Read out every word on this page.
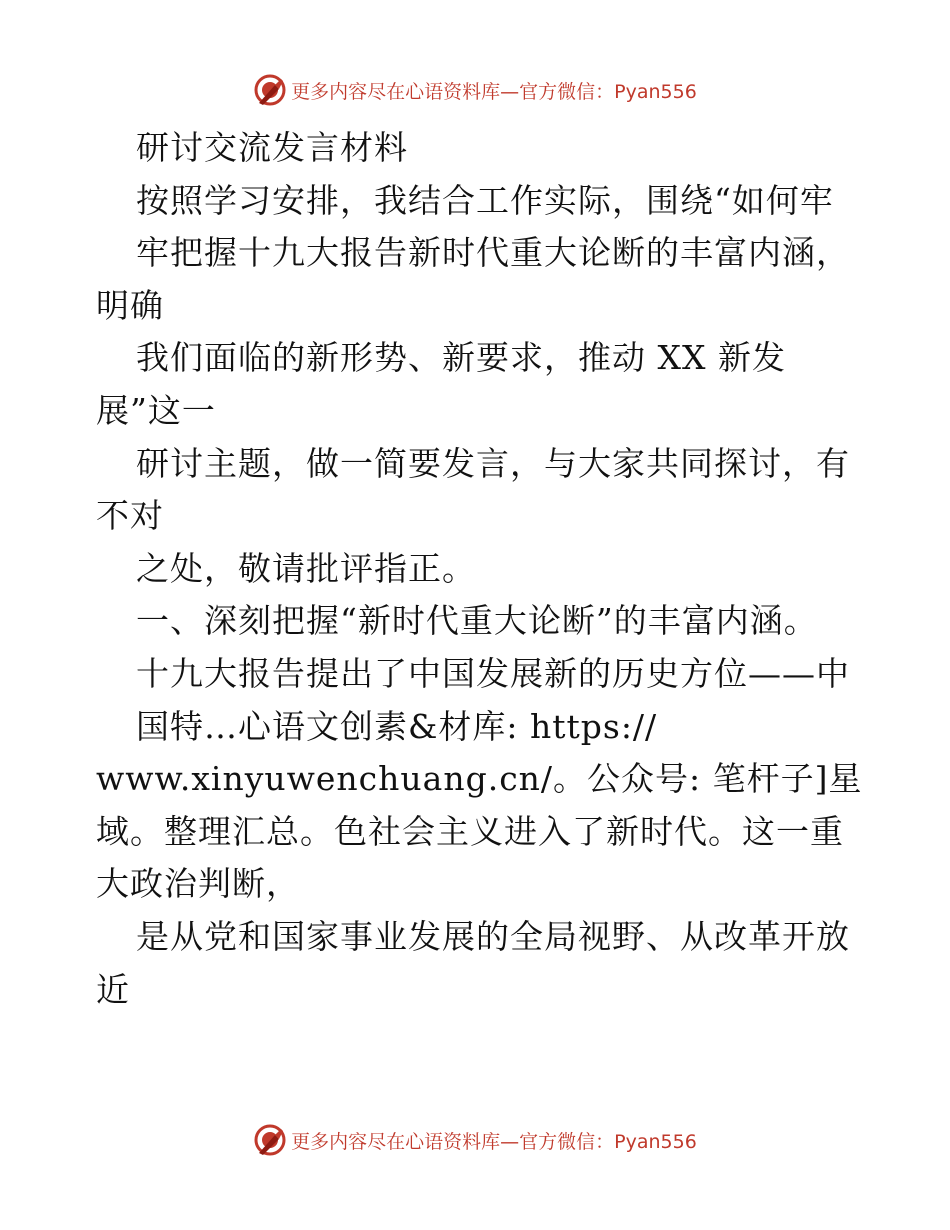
更多内容尽在心语资料库—官方微信：Pyan556
研讨交流发言材料
按照学习安排，我结合工作实际，围绕“如何牢
牢把握十九大报告新时代重大论断的丰富内涵，
明确
我们面临的新形势、新要求，推动 XX 新发
展”这一
研讨主题，做一简要发言，与大家共同探讨，有
不对
之处，敬请批评指正。
一、深刻把握“新时代重大论断”的丰富内涵。
十九大报告提出了中国发展新的历史方位——中
国特…心语文创素&材库: https://
www.xinyuwenchuang.cn/。公众号: 笔杆子]星
域。整理汇总。色社会主义进入了新时代。这一重
大政治判断，
是从党和国家事业发展的全局视野、从改革开放
近
更多内容尽在心语资料库—官方微信：Pyan556
